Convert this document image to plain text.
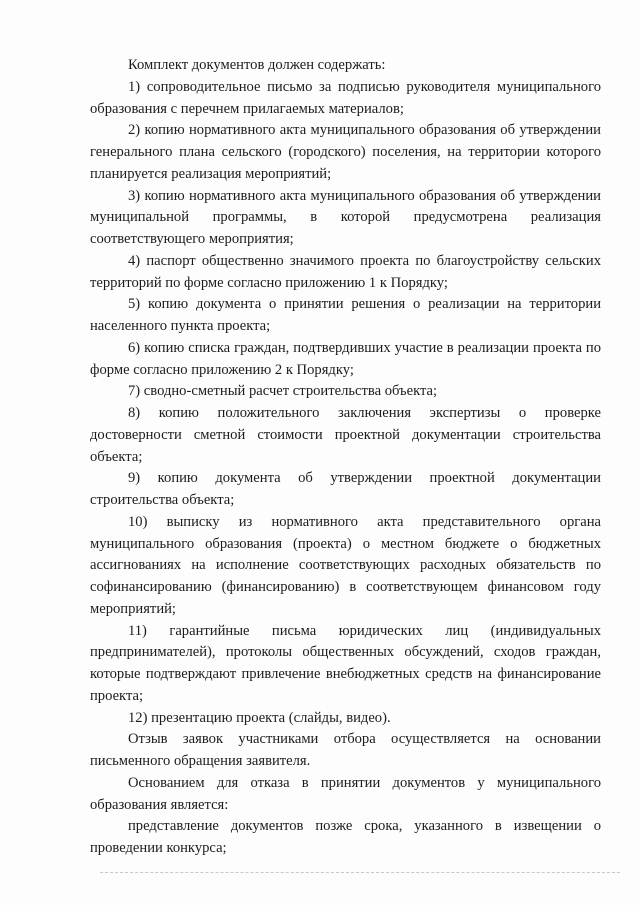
Комплект документов должен содержать:

1) сопроводительное письмо за подписью руководителя муниципального образования с перечнем прилагаемых материалов;

2) копию нормативного акта муниципального образования об утверждении генерального плана сельского (городского) поселения, на территории которого планируется реализация мероприятий;

3) копию нормативного акта муниципального образования об утверждении муниципальной программы, в которой предусмотрена реализация соответствующего мероприятия;

4) паспорт общественно значимого проекта по благоустройству сельских территорий по форме согласно приложению 1 к Порядку;

5) копию документа о принятии решения о реализации на территории населенного пункта проекта;

6) копию списка граждан, подтвердивших участие в реализации проекта по форме согласно приложению 2 к Порядку;

7) сводно-сметный расчет строительства объекта;

8) копию положительного заключения экспертизы о проверке достоверности сметной стоимости проектной документации строительства объекта;

9) копию документа об утверждении проектной документации строительства объекта;

10) выписку из нормативного акта представительного органа муниципального образования (проекта) о местном бюджете о бюджетных ассигнованиях на исполнение соответствующих расходных обязательств по софинансированию (финансированию) в соответствующем финансовом году мероприятий;

11) гарантийные письма юридических лиц (индивидуальных предпринимателей), протоколы общественных обсуждений, сходов граждан, которые подтверждают привлечение внебюджетных средств на финансирование проекта;

12) презентацию проекта (слайды, видео).

Отзыв заявок участниками отбора осуществляется на основании письменного обращения заявителя.

Основанием для отказа в принятии документов у муниципального образования является:

представление документов позже срока, указанного в извещении о проведении конкурса;
